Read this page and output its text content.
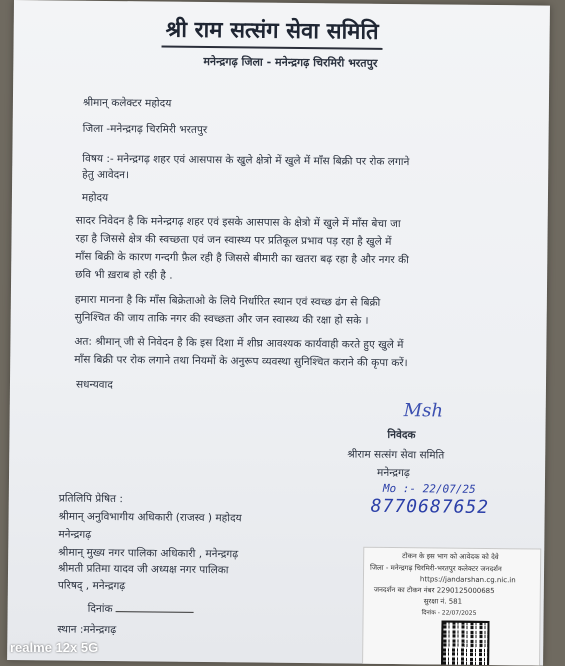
श्री राम सत्संग सेवा समिति
मनेन्द्रगढ़ जिला - मनेन्द्रगढ़ चिरमिरी भरतपुर
श्रीमान् कलेक्टर महोदय
जिला -मनेन्द्रगढ़ चिरमिरी भरतपुर
विषय :- मनेन्द्रगढ़ शहर एवं आसपास के खुले क्षेत्रो में खुले में माँस बिक्री पर रोक लगाने
हेतु आवेदन।
महोदय
सादर निवेदन है कि मनेन्द्रगढ़ शहर एवं इसके आसपास के क्षेत्रो में खुले में माँस बेचा जा
रहा है जिससे क्षेत्र की स्वच्छता एवं जन स्वास्थ्य पर प्रतिकूल प्रभाव पड़ रहा है खुले में
माँस बिक्री के कारण गन्दगी फ़ैल रही है जिससे बीमारी का खतरा बढ़ रहा है और नगर की
छवि भी ख़राब हो रही है .
हमारा मानना है कि माँस बिक्रेताओ के लिये निर्धारित स्थान एवं स्वच्छ ढंग से बिक्री
सुनिश्चित की जाय ताकि नगर की स्वच्छता और जन स्वास्थ्य की रक्षा हो सके ।
अत: श्रीमान् जी से निवेदन है कि इस दिशा में शीघ्र आवश्यक कार्यवाही करते हुए खुले में
माँस बिक्री पर रोक लगाने तथा नियमों के अनुरूप व्यवस्था सुनिश्चित कराने की कृपा करें।
सधन्यवाद
Msh
निवेदक
श्रीराम सत्संग सेवा समिति
मनेन्द्रगढ़
Mo :- 22/07/25
8770687652
प्रतिलिपि प्रेषित :
श्रीमान् अनुविभागीय अधिकारी (राजस्व ) महोदय
मनेन्द्रगढ़
श्रीमान् मुख्य नगर पालिका अधिकारी , मनेन्द्रगढ़
श्रीमती प्रतिमा यादव जी अध्यक्ष नगर पालिका
परिषद् , मनेन्द्रगढ़
दिनांक
स्थान :मनेन्द्रगढ़
टोकन के इस भाग को आवेदक को देवे
जिला - मनेन्द्रगढ़ चिरमिरी-भरतपुर कलेक्टर जनदर्शन
https://jandarshan.cg.nic.in
जनदर्शन का टोकन नंबर 2290125000685
सुरक्षा नं. 581
दिनांक - 22/07/2025
realme 12x 5G
